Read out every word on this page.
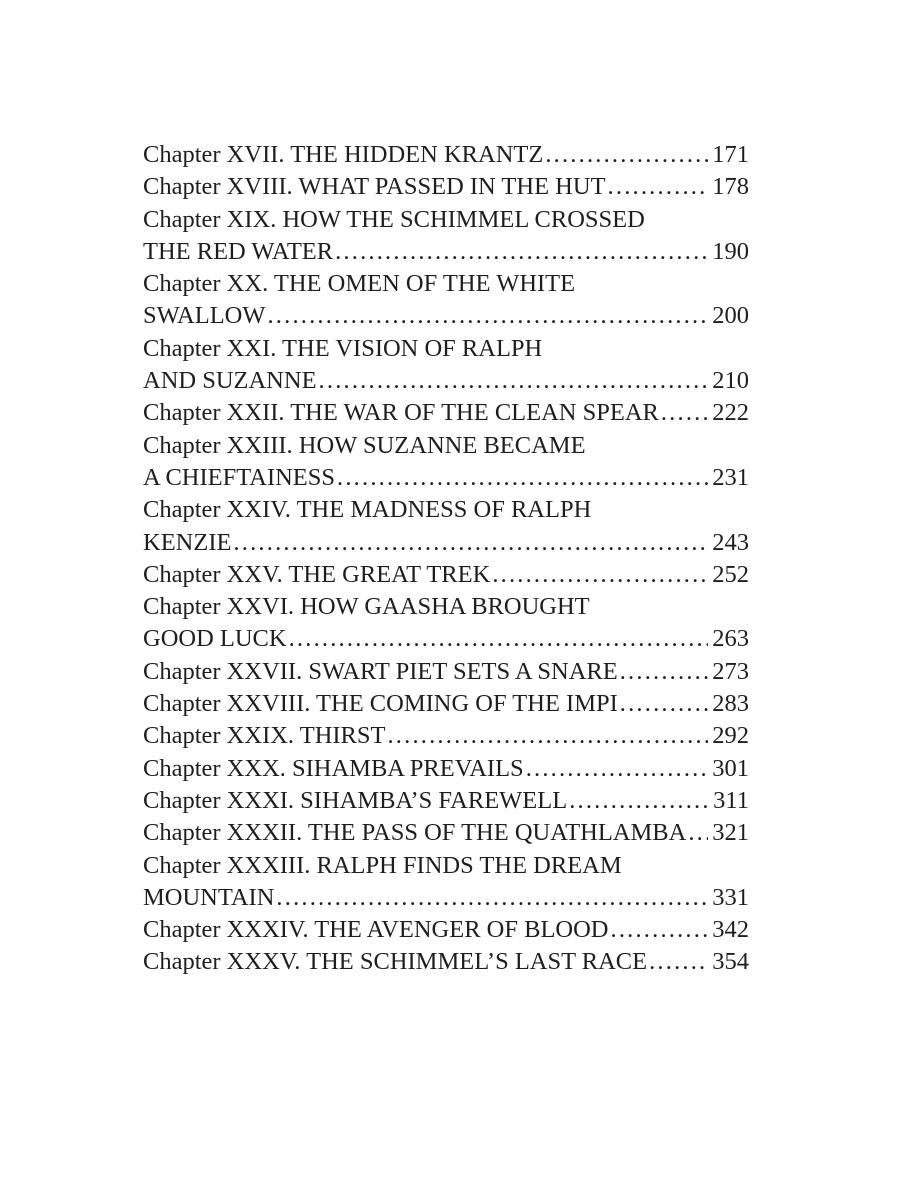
Chapter XVII. THE HIDDEN KRANTZ .....	171
Chapter XVIII. WHAT PASSED IN THE HUT .....	178
Chapter XIX. HOW THE SCHIMMEL CROSSED
THE RED WATER .....	190
Chapter XX. THE OMEN OF THE WHITE
SWALLOW .....	200
Chapter XXI. THE VISION OF RALPH
AND SUZANNE .....	210
Chapter XXII. THE WAR OF THE CLEAN SPEAR ..... 222
Chapter XXIII. HOW SUZANNE BECAME
A CHIEFTAINESS .....	231
Chapter XXIV. THE MADNESS OF RALPH
KENZIE .....	243
Chapter XXV. THE GREAT TREK .....	252
Chapter XXVI. HOW GAASHA BROUGHT
GOOD LUCK .....	263
Chapter XXVII. SWART PIET SETS A SNARE .....	273
Chapter XXVIII. THE COMING OF THE IMPI .....	283
Chapter XXIX. THIRST .....	292
Chapter XXX. SIHAMBA PREVAILS .....	301
Chapter XXXI. SIHAMBA’S FAREWELL .....	311
Chapter XXXII. THE PASS OF THE QUATHLAMBA ..... 321
Chapter XXXIII. RALPH FINDS THE DREAM
MOUNTAIN .....	331
Chapter XXXIV. THE AVENGER OF BLOOD .....	342
Chapter XXXV. THE SCHIMMEL’S LAST RACE .....	354
